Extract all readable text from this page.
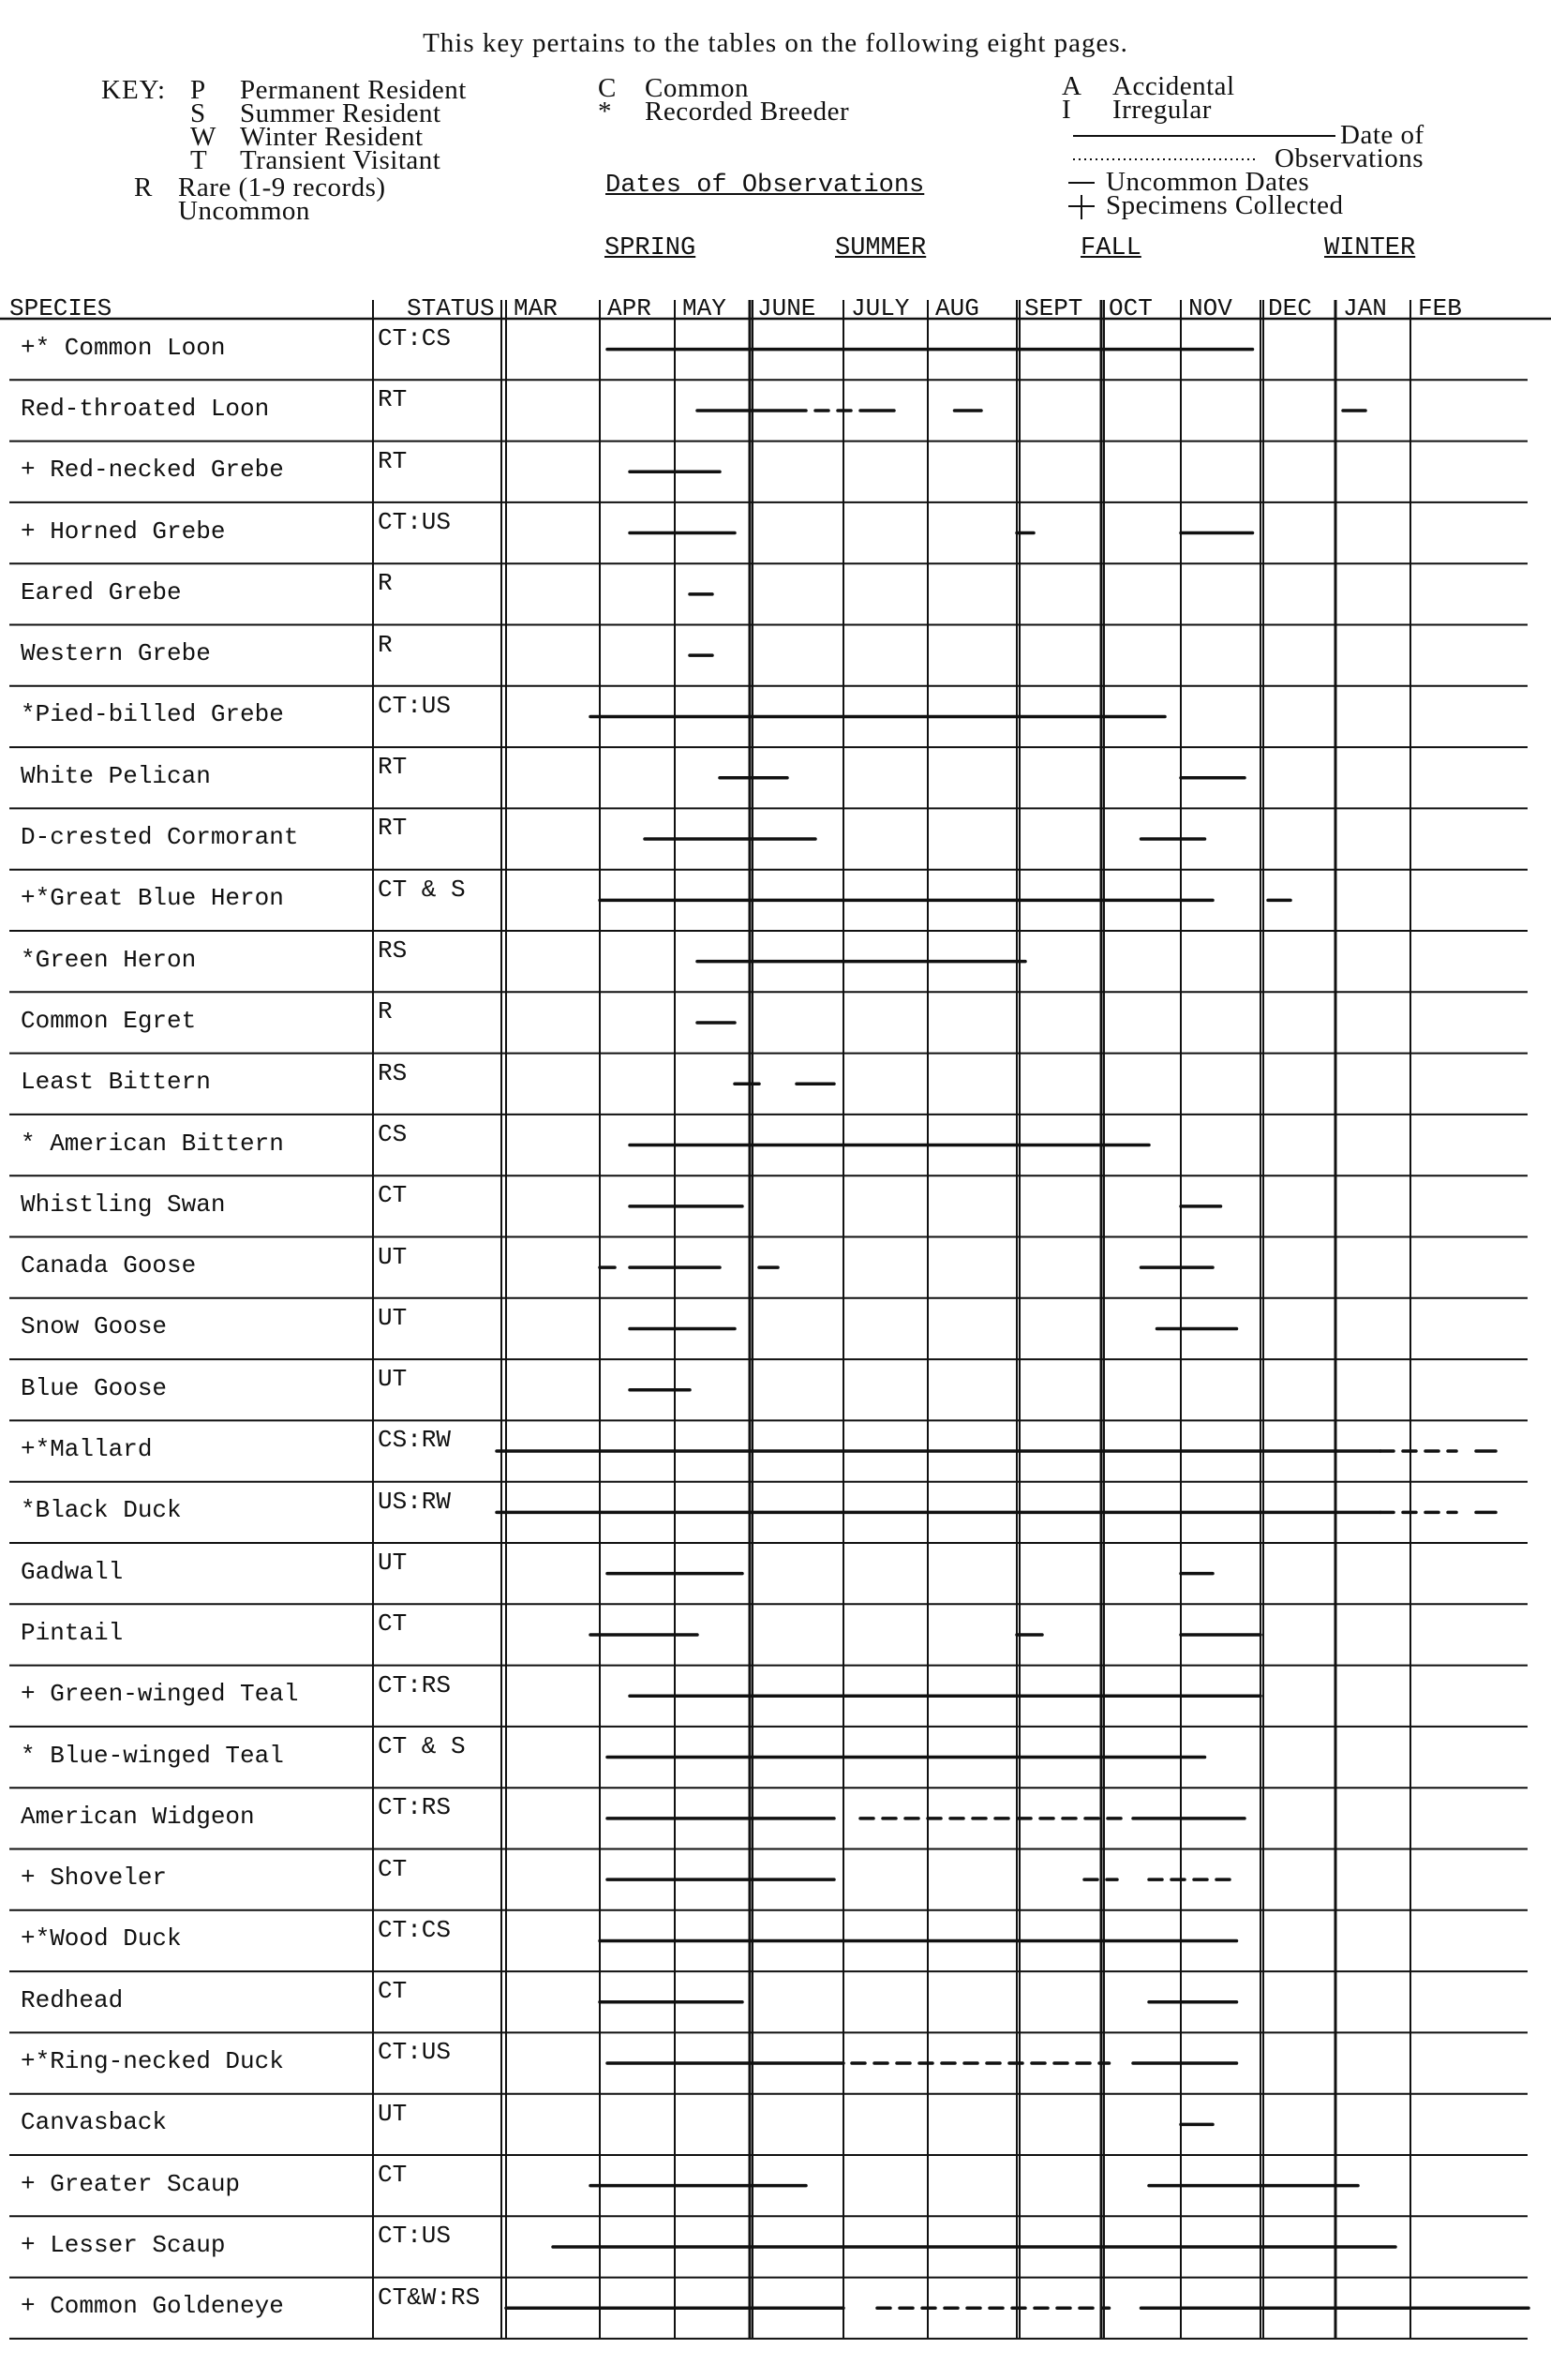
This key pertains to the tables on the following eight pages.
KEY: P Permanent Resident
S Summer Resident
W Winter Resident
T Transient Visitant
R Rare (1-9 records)
Uncommon
C Common
* Recorded Breeder
A Accidental
I Irregular
Date of
Observations
Uncommon Dates
Specimens Collected
Dates of Observations
SPRING	SUMMER	FALL	WINTER
SPECIES	STATUS MAR APR MAY JUNE JULY AUG SEPT OCT NOV DEC JAN FEB
+* Common Loon	CT:CS
Red-throated Loon	RT
+ Red-necked Grebe	RT
+ Horned Grebe	CT:US
Eared Grebe	R
Western Grebe	R
*Pied-billed Grebe	CT:US
White Pelican	RT
D-crested Cormorant	RT
+*Great Blue Heron	CT & S
*Green Heron	RS
Common Egret	R
Least Bittern	RS
* American Bittern	CS
Whistling Swan	CT
Canada Goose	UT
Snow Goose	UT
Blue Goose	UT
+*Mallard	CS:RW
*Black Duck	US:RW
Gadwall	UT
Pintail	CT
+ Green-winged Teal	CT:RS
* Blue-winged Teal	CT & S
American Widgeon	CT:RS
+ Shoveler	CT
+*Wood Duck	CT:CS
Redhead	CT
+*Ring-necked Duck	CT:US
Canvasback	UT
+ Greater Scaup	CT
+ Lesser Scaup	CT:US
+ Common Goldeneye	CT&W:RS
